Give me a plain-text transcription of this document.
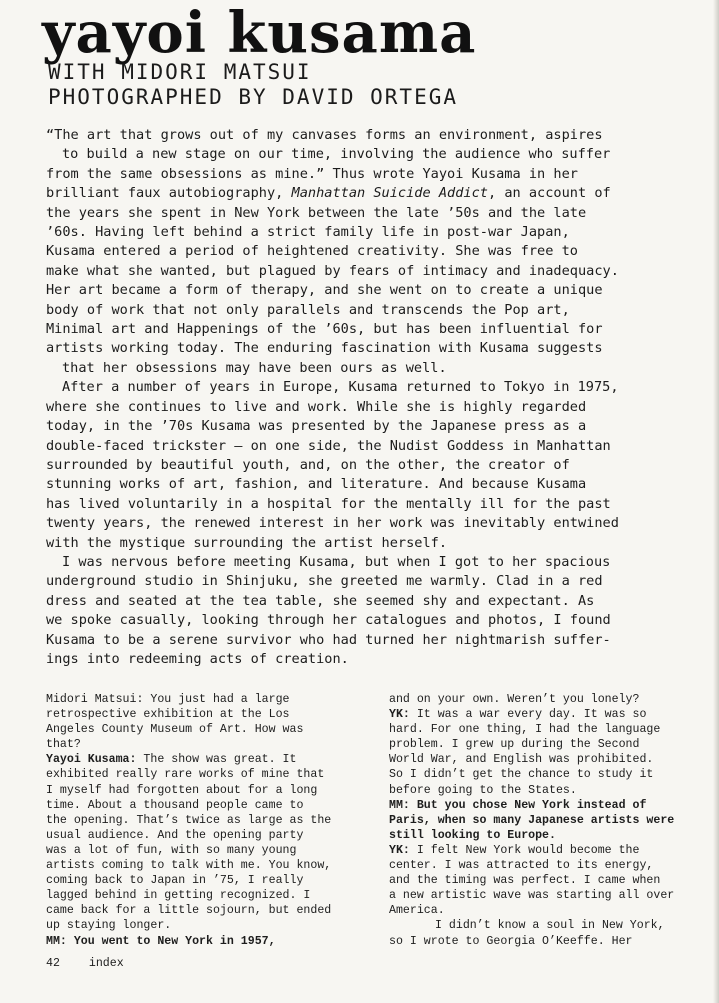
yayoi kusama
WITH MIDORI MATSUI
PHOTOGRAPHED BY DAVID ORTEGA

“The art that grows out of my canvases forms an environment, aspires

to build a new stage on our time, involving the audience who suffer

from the same obsessions as mine.” Thus wrote Yayoi Kusama in her

brilliant faux autobiography, Manhattan Suicide Addict, an account of

the years she spent in New York between the late ’50s and the late

’60s. Having left behind a strict family life in post-war Japan,

Kusama entered a period of heightened creativity. She was free to

make what she wanted, but plagued by fears of intimacy and inadequacy.

Her art became a form of therapy, and she went on to create a unique

body of work that not only parallels and transcends the Pop art,

Minimal art and Happenings of the ’60s, but has been influential for

artists working today. The enduring fascination with Kusama suggests

that her obsessions may have been ours as well.

After a number of years in Europe, Kusama returned to Tokyo in 1975,

where she continues to live and work. While she is highly regarded

today, in the ’70s Kusama was presented by the Japanese press as a

double-faced trickster — on one side, the Nudist Goddess in Manhattan

surrounded by beautiful youth, and, on the other, the creator of

stunning works of art, fashion, and literature. And because Kusama

has lived voluntarily in a hospital for the mentally ill for the past

twenty years, the renewed interest in her work was inevitably entwined

with the mystique surrounding the artist herself.

I was nervous before meeting Kusama, but when I got to her spacious

underground studio in Shinjuku, she greeted me warmly. Clad in a red

dress and seated at the tea table, she seemed shy and expectant. As

we spoke casually, looking through her catalogues and photos, I found

Kusama to be a serene survivor who had turned her nightmarish suffer-

ings into redeeming acts of creation.

Midori Matsui: You just had a large
retrospective exhibition at the Los
Angeles County Museum of Art. How was
that?
Yayoi Kusama: The show was great. It
exhibited really rare works of mine that
I myself had forgotten about for a long
time. About a thousand people came to
the opening. That’s twice as large as the
usual audience. And the opening party
was a lot of fun, with so many young
artists coming to talk with me. You know,
coming back to Japan in ’75, I really
lagged behind in getting recognized. I
came back for a little sojourn, but ended
up staying longer.
MM: You went to New York in 1957,
and on your own. Weren’t you lonely?
YK: It was a war every day. It was so
hard. For one thing, I had the language
problem. I grew up during the Second
World War, and English was prohibited.
So I didn’t get the chance to study it
before going to the States.
MM: But you chose New York instead of
Paris, when so many Japanese artists were
still looking to Europe.
YK: I felt New York would become the
center. I was attracted to its energy,
and the timing was perfect. I came when
a new artistic wave was starting all over
America.
I didn’t know a soul in New York,
so I wrote to Georgia O’Keeffe. Her
42 index
